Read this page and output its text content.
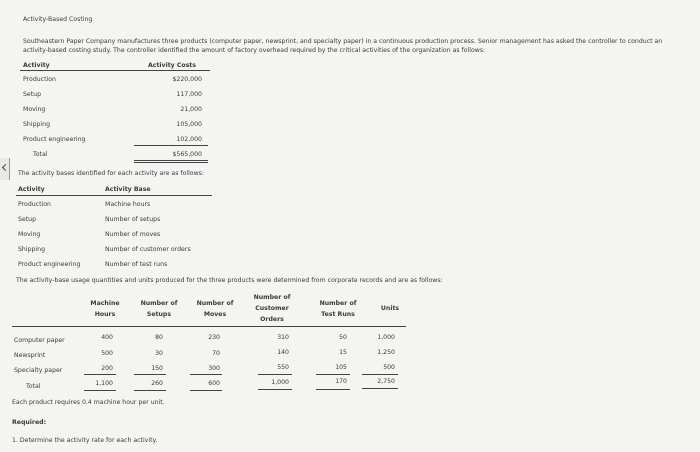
Activity-Based Costing
Southeastern Paper Company manufactures three products (computer paper, newsprint, and specialty paper) in a continuous production process. Senior management has asked the controller to conduct an
activity-based costing study. The controller identified the amount of factory overhead required by the critical activities of the organization as follows:
Activity	Activity Costs
Production	$220,000
Setup	117,000
Moving	21,000
Shipping	105,000
Product engineering	102,000
Total	$565,000
The activity bases identified for each activity are as follows:
Activity	Activity Base
Production	Machine hours
Setup	Number of setups
Moving	Number of moves
Shipping	Number of customer orders
Product engineering	Number of test runs
The activity-base usage quantities and units produced for the three products were determined from corporate records and are as follows:
Machine
Hours
Number of
Setups
Number of
Moves
Number of
Customer
Orders
Number of
Test Runs
Units
Computer paper	400	80	230	310	50	1,000
Newsprint	500	30	70	140	15	1,250
Specialty paper	200	150	300	550	105	500
Total	1,100	260	600	1,000	170	2,750
Each product requires 0.4 machine hour per unit.
Required:
1. Determine the activity rate for each activity.
